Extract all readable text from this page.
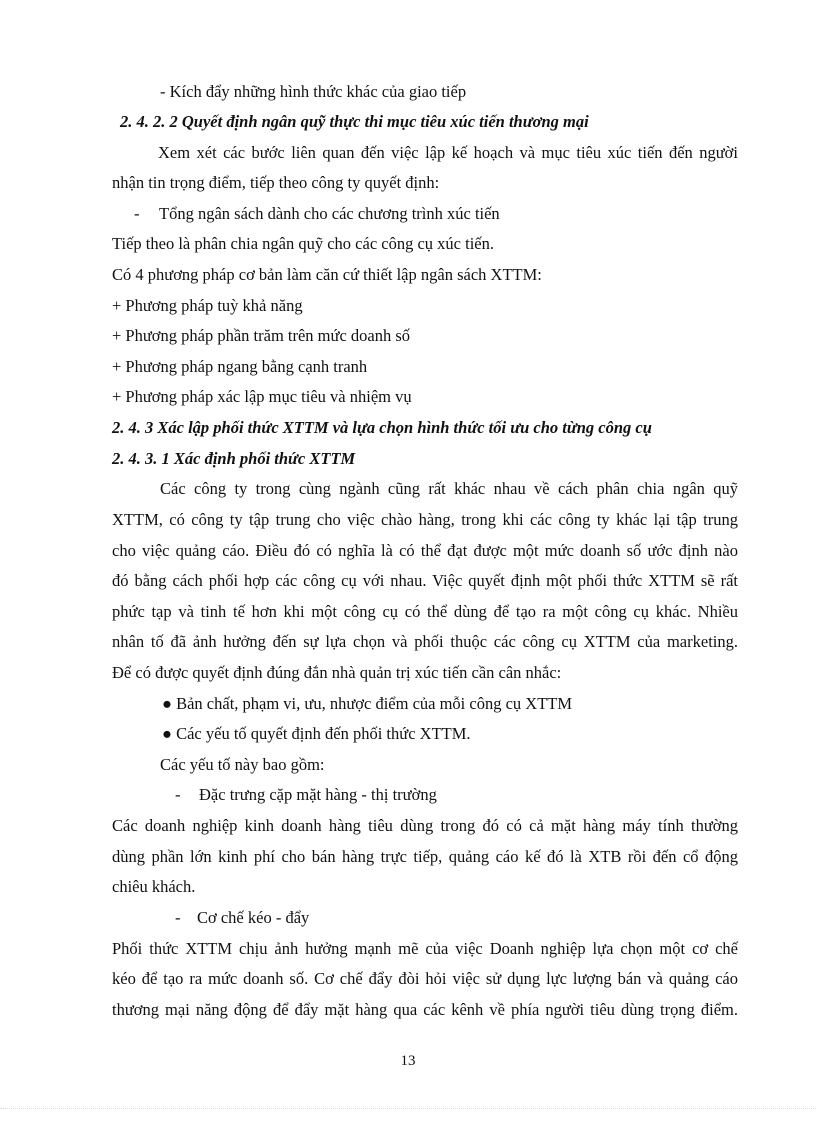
- Kích đẩy những hình thức khác của giao tiếp
2. 4. 2. 2 Quyết định ngân quỹ thực thi mục tiêu xúc tiến thương mại
Xem xét các bước liên quan đến việc lập kế hoạch và mục tiêu xúc tiến đến người
nhận tin trọng điểm, tiếp theo công ty quyết định:
- Tổng ngân sách dành cho các chương trình xúc tiến
Tiếp theo là phân chia ngân quỹ cho các công cụ xúc tiến.
Có 4 phương pháp cơ bản làm căn cứ thiết lập ngân sách XTTM:
+ Phương pháp tuỳ khả năng
+ Phương pháp phần trăm trên mức doanh số
+ Phương pháp ngang bằng cạnh tranh
+ Phương pháp xác lập mục tiêu và nhiệm vụ
2. 4. 3 Xác lập phối thức XTTM và lựa chọn hình thức tối ưu cho từng công cụ
2. 4. 3. 1 Xác định phối thức XTTM
Các công ty trong cùng ngành cũng rất khác nhau về cách phân chia ngân quỹ
XTTM, có công ty tập trung cho việc chào hàng, trong khi các công ty khác lại tập trung
cho việc quảng cáo. Điều đó có nghĩa là có thể đạt được một mức doanh số ước định nào
đó bằng cách phối hợp các công cụ với nhau. Việc quyết định một phối thức XTTM sẽ rất
phức tạp và tinh tế hơn khi một công cụ có thể dùng để tạo ra một công cụ khác. Nhiều
nhân tố đã ảnh hưởng đến sự lựa chọn và phối thuộc các công cụ XTTM của marketing.
Để có được quyết định đúng đắn nhà quản trị xúc tiến cần cân nhắc:
● Bản chất, phạm vi, ưu, nhược điểm của mỗi công cụ XTTM
● Các yếu tố quyết định đến phối thức XTTM.
Các yếu tố này bao gồm:
- Đặc trưng cặp mặt hàng - thị trường
Các doanh nghiệp kinh doanh hàng tiêu dùng trong đó có cả mặt hàng máy tính thường
dùng phần lớn kinh phí cho bán hàng trực tiếp, quảng cáo kế đó là XTB rồi đến cổ động
chiêu khách.
- Cơ chế kéo - đẩy
Phối thức XTTM chịu ảnh hưởng mạnh mẽ của việc Doanh nghiệp lựa chọn một cơ chế
kéo để tạo ra mức doanh số. Cơ chế đẩy đòi hỏi việc sử dụng lực lượng bán và quảng cáo
thương mại năng động để đẩy mặt hàng qua các kênh về phía người tiêu dùng trọng điểm.
13
